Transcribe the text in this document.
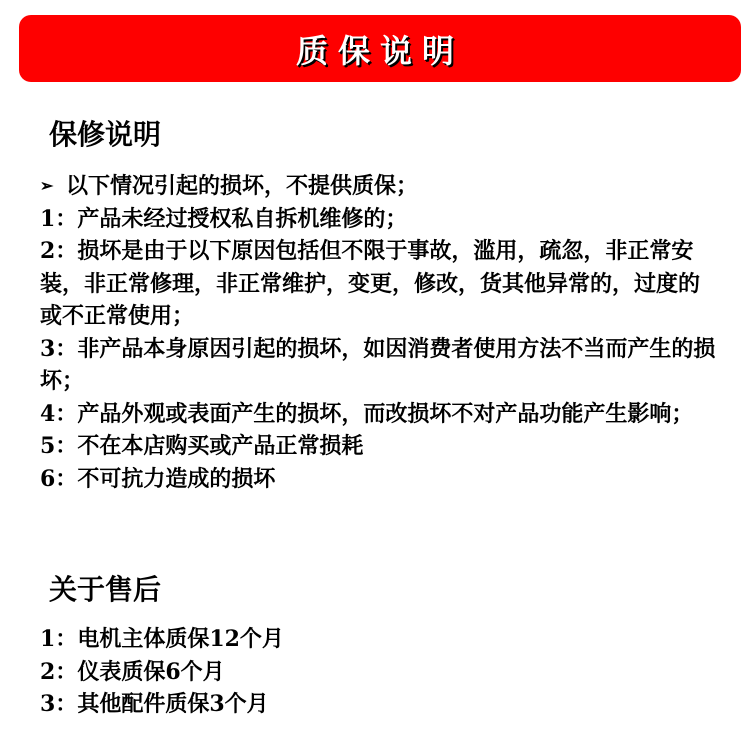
质保说明
保修说明
➢ 以下情况引起的损坏，不提供质保；
1：产品未经过授权私自拆机维修的；
2：损坏是由于以下原因包括但不限于事故，滥用，疏忽，非正常安装，非正常修理，非正常维护，变更，修改，货其他异常的，过度的或不正常使用；
3：非产品本身原因引起的损坏，如因消费者使用方法不当而产生的损坏；
4：产品外观或表面产生的损坏，而改损坏不对产品功能产生影响；
5：不在本店购买或产品正常损耗
6：不可抗力造成的损坏
关于售后
1：电机主体质保12个月
2：仪表质保6个月
3：其他配件质保3个月
